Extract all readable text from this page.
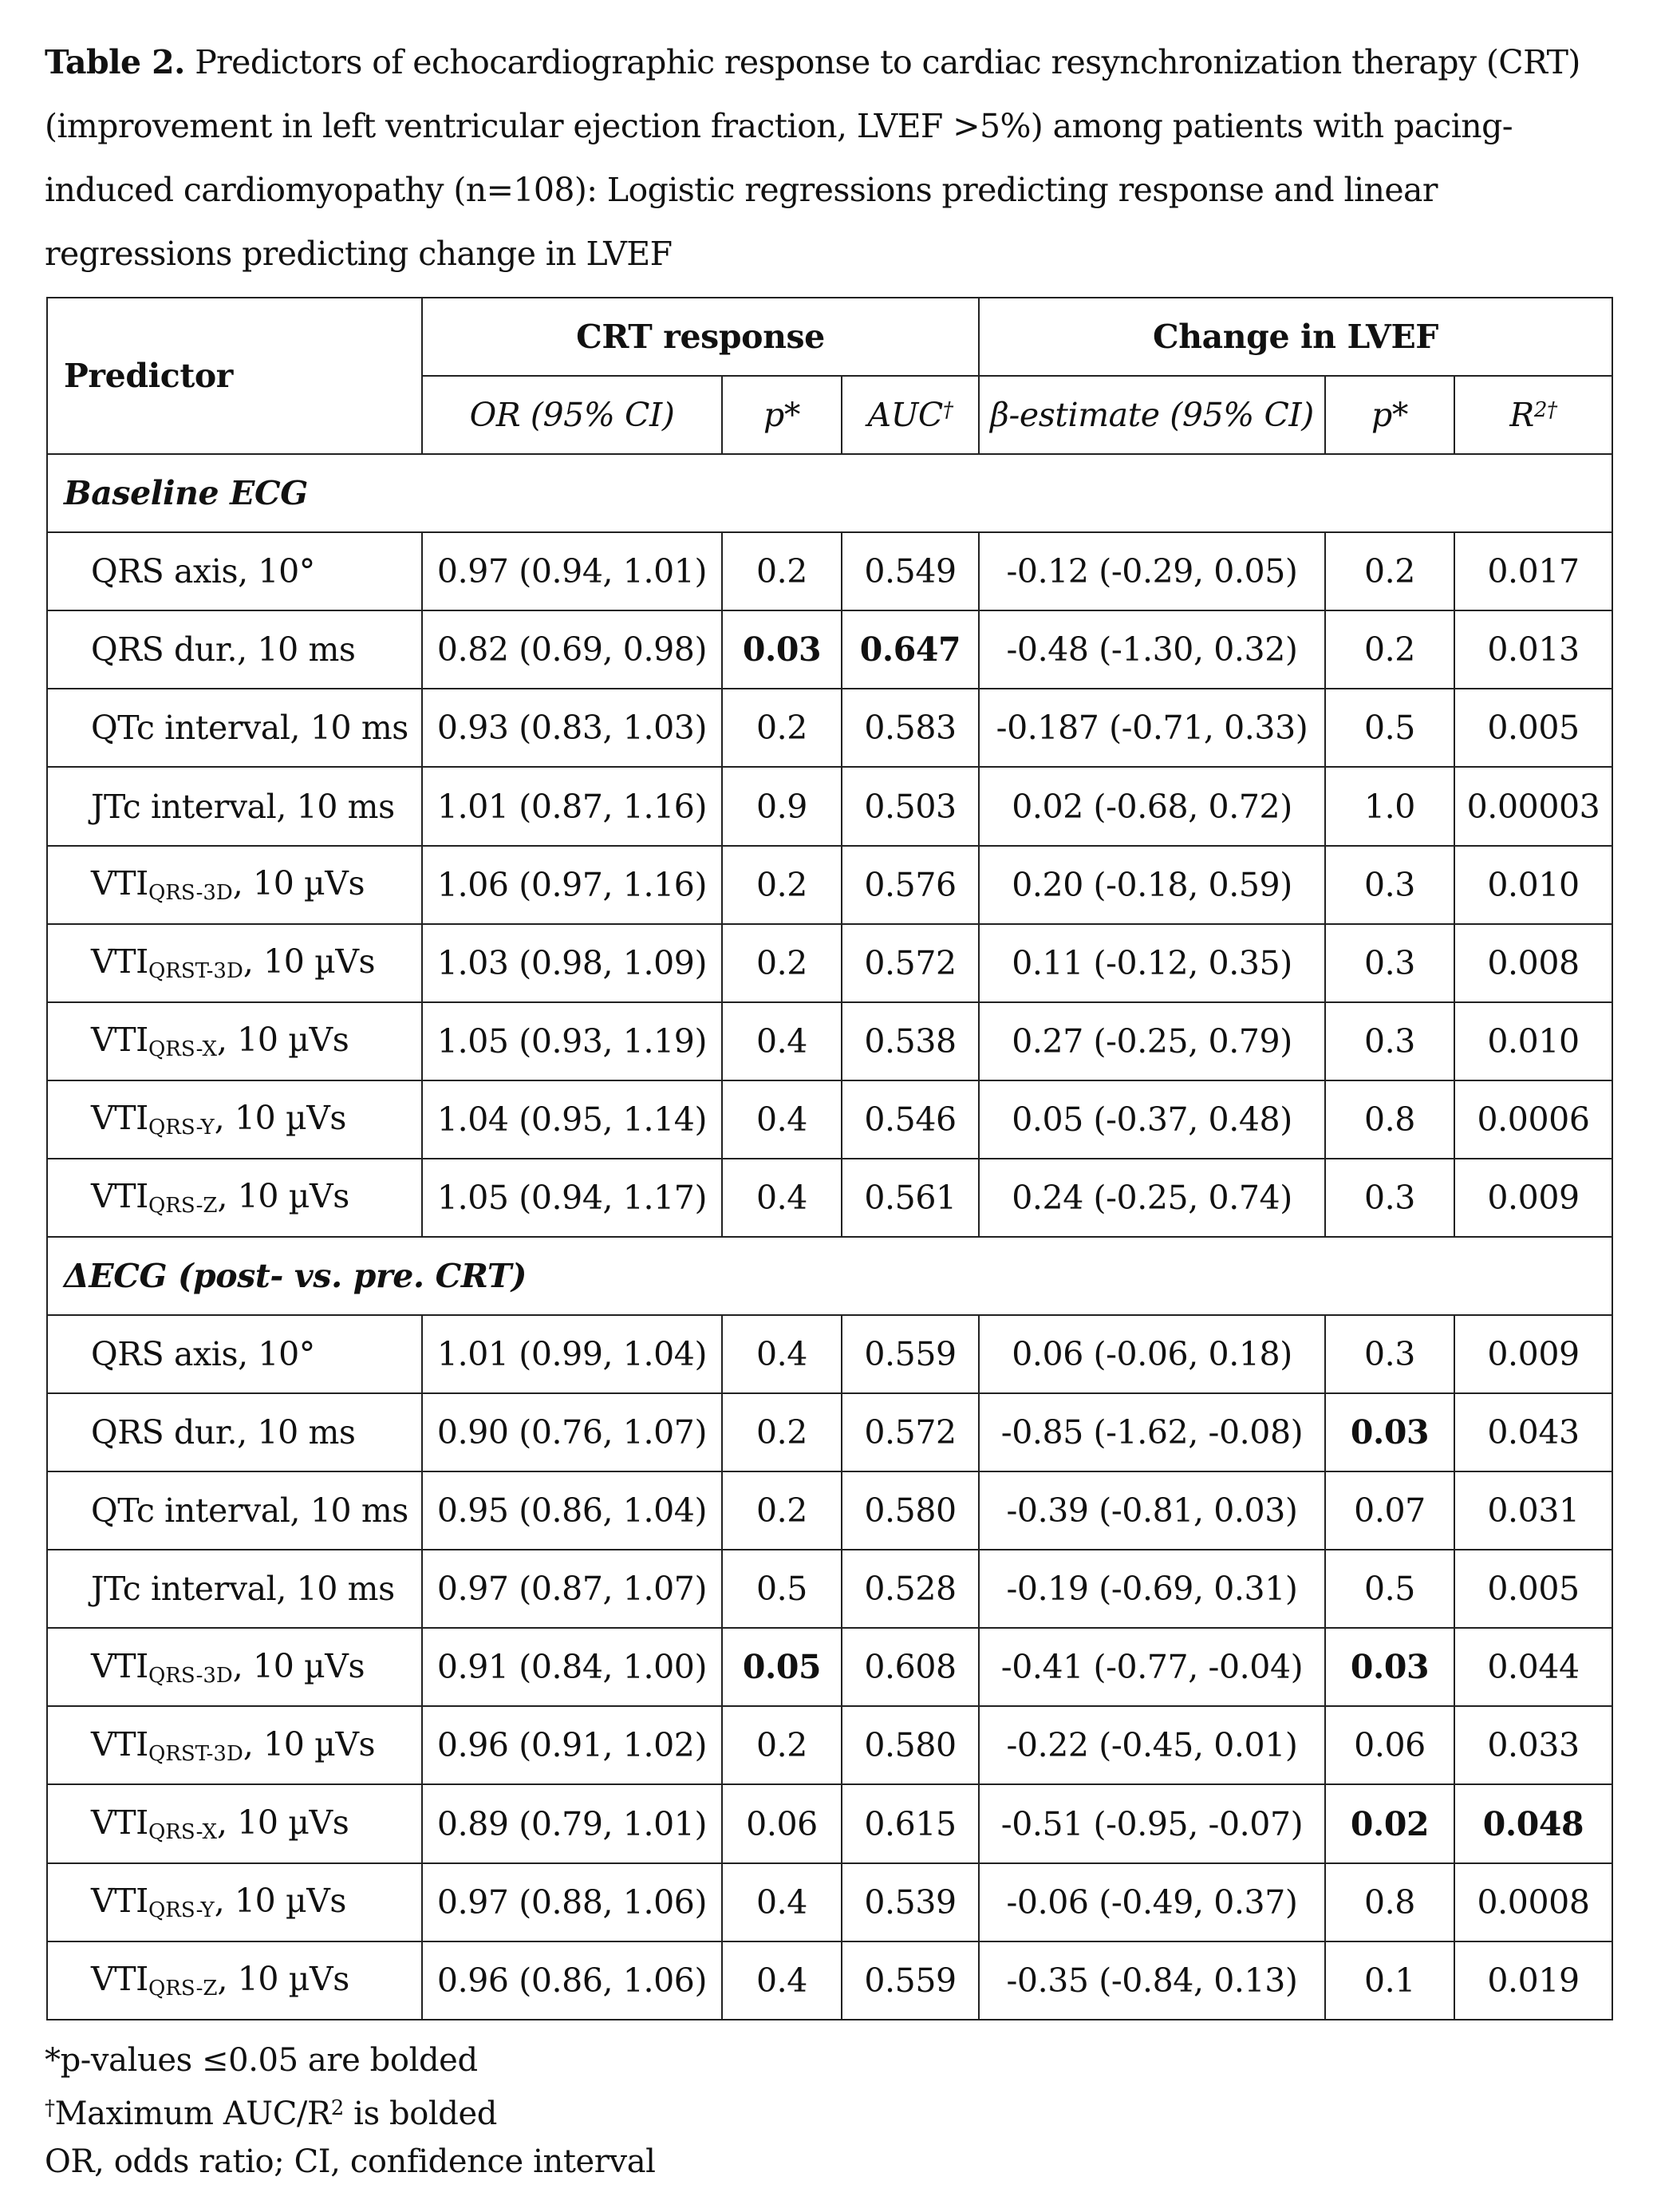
Table 2. Predictors of echocardiographic response to cardiac resynchronization therapy (CRT) (improvement in left ventricular ejection fraction, LVEF >5%) among patients with pacing-induced cardiomyopathy (n=108): Logistic regressions predicting response and linear regressions predicting change in LVEF
Predictor	CRT response			Change in LVEF		
	OR (95% CI)	p*	AUC†	β-estimate (95% CI)	p*	$R^{2\dagger}$
Baseline ECG						
QRS axis, 10°	0.97 (0.94, 1.01)	0.2	0.549	-0.12 (-0.29, 0.05)	0.2	0.017
QRS dur., 10 ms	0.82 (0.69, 0.98)	0.03	0.647	-0.48 (-1.30, 0.32)	0.2	0.013
QTc interval, 10 ms	0.93 (0.83, 1.03)	0.2	0.583	-0.187 (-0.71, 0.33)	0.5	0.005
JTc interval, 10 ms	1.01 (0.87, 1.16)	0.9	0.503	0.02 (-0.68, 0.72)	1.0	0.00003
$VTI_{QRS-3D}$, 10 µVs	1.06 (0.97, 1.16)	0.2	0.576	0.20 (-0.18, 0.59)	0.3	0.010
$VTI_{QRST-3D}$, 10 µVs	1.03 (0.98, 1.09)	0.2	0.572	0.11 (-0.12, 0.35)	0.3	0.008
$VTI_{QRS-X}$, 10 µVs	1.05 (0.93, 1.19)	0.4	0.538	0.27 (-0.25, 0.79)	0.3	0.010
$VTI_{QRS-Y}$, 10 µVs	1.04 (0.95, 1.14)	0.4	0.546	0.05 (-0.37, 0.48)	0.8	0.0006
$VTI_{QRS-Z}$, 10 µVs	1.05 (0.94, 1.17)	0.4	0.561	0.24 (-0.25, 0.74)	0.3	0.009
ΔECG (post- vs. pre. CRT)						
QRS axis, 10°	1.01 (0.99, 1.04)	0.4	0.559	0.06 (-0.06, 0.18)	0.3	0.009
QRS dur., 10 ms	0.90 (0.76, 1.07)	0.2	0.572	-0.85 (-1.62, -0.08)	0.03	0.043
QTc interval, 10 ms	0.95 (0.86, 1.04)	0.2	0.580	-0.39 (-0.81, 0.03)	0.07	0.031
JTc interval, 10 ms	0.97 (0.87, 1.07)	0.5	0.528	-0.19 (-0.69, 0.31)	0.5	0.005
$VTI_{QRS-3D}$, 10 µVs	0.91 (0.84, 1.00)	0.05	0.608	-0.41 (-0.77, -0.04)	0.03	0.044
$VTI_{QRST-3D}$, 10 µVs	0.96 (0.91, 1.02)	0.2	0.580	-0.22 (-0.45, 0.01)	0.06	0.033
$VTI_{QRS-X}$, 10 µVs	0.89 (0.79, 1.01)	0.06	0.615	-0.51 (-0.95, -0.07)	0.02	0.048
$VTI_{QRS-Y}$, 10 µVs	0.97 (0.88, 1.06)	0.4	0.539	-0.06 (-0.49, 0.37)	0.8	0.0008
$VTI_{QRS-Z}$, 10 µVs	0.96 (0.86, 1.06)	0.4	0.559	-0.35 (-0.84, 0.13)	0.1	0.019
*p-values ≤0.05 are bolded
†Maximum AUC/$R^2$ is bolded
OR, odds ratio; CI, confidence interval
